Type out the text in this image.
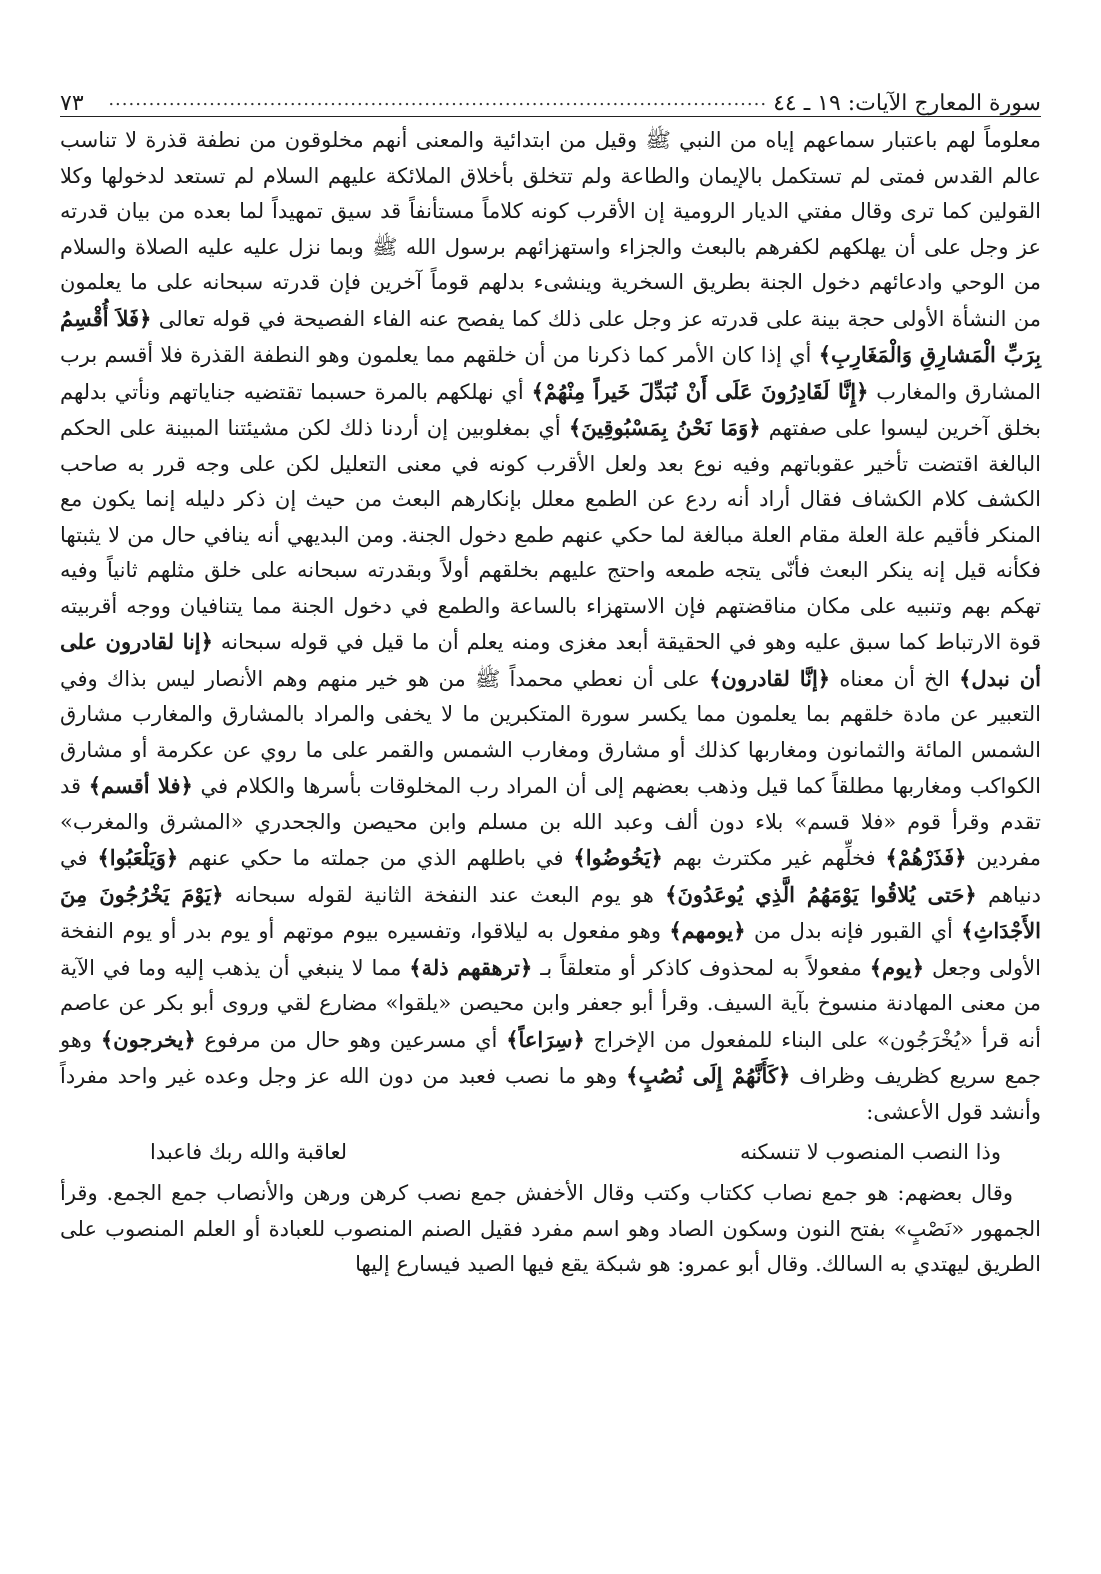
سورة المعارج الآيات: ١٩ ـ ٤٤
..................................................................................................
٧٣

معلوماً لهم باعتبار سماعهم إياه من النبي ﷺ وقيل من ابتدائية والمعنى أنهم مخلوقون من نطفة قذرة لا تناسب عالم القدس فمتى لم تستكمل بالإيمان والطاعة ولم تتخلق بأخلاق الملائكة عليهم السلام لم تستعد لدخولها وكلا القولين كما ترى وقال مفتي الديار الرومية إن الأقرب كونه كلاماً مستأنفاً قد سيق تمهيداً لما بعده من بيان قدرته عز وجل على أن يهلكهم لكفرهم بالبعث والجزاء واستهزائهم برسول الله ﷺ وبما نزل عليه عليه الصلاة والسلام من الوحي وادعائهم دخول الجنة بطريق السخرية وينشىء بدلهم قوماً آخرين فإن قدرته سبحانه على ما يعلمون من النشأة الأولى حجة بينة على قدرته عز وجل على ذلك كما يفصح عنه الفاء الفصيحة في قوله تعالى ﴿فَلاَ أُقْسِمُ بِرَبِّ الْمَشارِقِ وَالْمَغَارِبِ﴾ أي إذا كان الأمر كما ذكرنا من أن خلقهم مما يعلمون وهو النطفة القذرة فلا أقسم برب المشارق والمغارب ﴿إِنَّا لَقَادِرُونَ عَلَى أَنْ نُبَدِّلَ خَيراً مِنْهُمْ﴾ أي نهلكهم بالمرة حسبما تقتضيه جناياتهم ونأتي بدلهم بخلق آخرين ليسوا على صفتهم ﴿وَمَا نَحْنُ بِمَسْبُوقِينَ﴾ أي بمغلوبين إن أردنا ذلك لكن مشيئتنا المبينة على الحكم البالغة اقتضت تأخير عقوباتهم وفيه نوع بعد ولعل الأقرب كونه في معنى التعليل لكن على وجه قرر به صاحب الكشف كلام الكشاف فقال أراد أنه ردع عن الطمع معلل بإنكارهم البعث من حيث إن ذكر دليله إنما يكون مع المنكر فأقيم علة العلة مقام العلة مبالغة لما حكي عنهم طمع دخول الجنة. ومن البديهي أنه ينافي حال من لا يثبتها فكأنه قيل إنه ينكر البعث فأنّى يتجه طمعه واحتج عليهم بخلقهم أولاً وبقدرته سبحانه على خلق مثلهم ثانياً وفيه تهكم بهم وتنبيه على مكان مناقضتهم فإن الاستهزاء بالساعة والطمع في دخول الجنة مما يتنافيان ووجه أقربيته قوة الارتباط كما سبق عليه وهو في الحقيقة أبعد مغزى ومنه يعلم أن ما قيل في قوله سبحانه ﴿إنا لقادرون على أن نبدل﴾ الخ أن معناه ﴿إنَّا لقادرون﴾ على أن نعطي محمداً ﷺ من هو خير منهم وهم الأنصار ليس بذاك وفي التعبير عن مادة خلقهم بما يعلمون مما يكسر سورة المتكبرين ما لا يخفى والمراد بالمشارق والمغارب مشارق الشمس المائة والثمانون ومغاربها كذلك أو مشارق ومغارب الشمس والقمر على ما روي عن عكرمة أو مشارق الكواكب ومغاربها مطلقاً كما قيل وذهب بعضهم إلى أن المراد رب المخلوقات بأسرها والكلام في ﴿فلا أقسم﴾ قد تقدم وقرأ قوم «فلا قسم» بلاء دون ألف وعبد الله بن مسلم وابن محيصن والجحدري «المشرق والمغرب» مفردين ﴿فَذَرْهُمْ﴾ فخلِّهم غير مكترث بهم ﴿يَخُوضُوا﴾ في باطلهم الذي من جملته ما حكي عنهم ﴿وَيَلْعَبُوا﴾ في دنياهم ﴿حَتى يُلاقُوا يَوْمَهُمُ الَّذِي يُوعَدُونَ﴾ هو يوم البعث عند النفخة الثانية لقوله سبحانه ﴿يَوْمَ يَخْرُجُونَ مِنَ الأَجْدَاثِ﴾ أي القبور فإنه بدل من ﴿يومهم﴾ وهو مفعول به ليلاقوا، وتفسيره بيوم موتهم أو يوم بدر أو يوم النفخة الأولى وجعل ﴿يوم﴾ مفعولاً به لمحذوف كاذكر أو متعلقاً بـ ﴿ترهقهم ذلة﴾ مما لا ينبغي أن يذهب إليه وما في الآية من معنى المهادنة منسوخ بآية السيف. وقرأ أبو جعفر وابن محيصن «يلقوا» مضارع لقي وروى أبو بكر عن عاصم أنه قرأ «يُخْرَجُون» على البناء للمفعول من الإخراج ﴿سِرَاعاً﴾ أي مسرعين وهو حال من مرفوع ﴿يخرجون﴾ وهو جمع سريع كظريف وظراف ﴿كَأَنَّهُمْ إِلَى نُصُبٍ﴾ وهو ما نصب فعبد من دون الله عز وجل وعده غير واحد مفرداً وأنشد قول الأعشى:

وذا النصب المنصوب لا تنسكنه
لعاقبة والله ربك فاعبدا

وقال بعضهم: هو جمع نصاب ككتاب وكتب وقال الأخفش جمع نصب كرهن ورهن والأنصاب جمع الجمع. وقرأ الجمهور «نَصْبٍ» بفتح النون وسكون الصاد وهو اسم مفرد فقيل الصنم المنصوب للعبادة أو العلم المنصوب على الطريق ليهتدي به السالك. وقال أبو عمرو: هو شبكة يقع فيها الصيد فيسارع إليها
